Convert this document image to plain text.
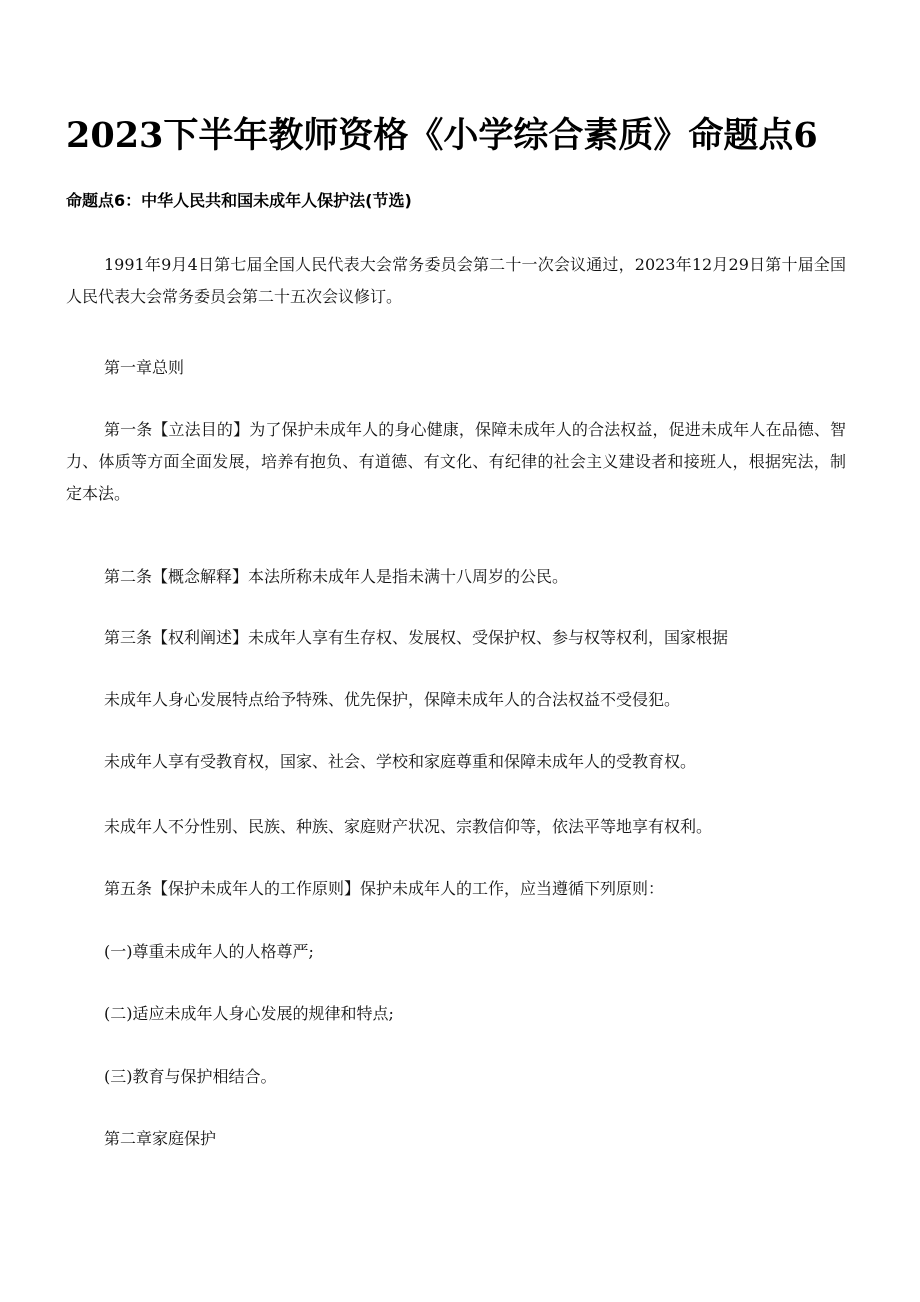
2023下半年教师资格《小学综合素质》命题点6

命题点6：中华人民共和国未成年人保护法(节选)

1991年9月4日第七届全国人民代表大会常务委员会第二十一次会议通过，2023年12月29日第十届全国人民代表大会常务委员会第二十五次会议修订。

第一章总则

第一条【立法目的】为了保护未成年人的身心健康，保障未成年人的合法权益，促进未成年人在品德、智力、体质等方面全面发展，培养有抱负、有道德、有文化、有纪律的社会主义建设者和接班人，根据宪法，制定本法。

第二条【概念解释】本法所称未成年人是指未满十八周岁的公民。

第三条【权利阐述】未成年人享有生存权、发展权、受保护权、参与权等权利，国家根据

未成年人身心发展特点给予特殊、优先保护，保障未成年人的合法权益不受侵犯。

未成年人享有受教育权，国家、社会、学校和家庭尊重和保障未成年人的受教育权。

未成年人不分性别、民族、种族、家庭财产状况、宗教信仰等，依法平等地享有权利。

第五条【保护未成年人的工作原则】保护未成年人的工作，应当遵循下列原则：

(一)尊重未成年人的人格尊严;

(二)适应未成年人身心发展的规律和特点;

(三)教育与保护相结合。

第二章家庭保护
